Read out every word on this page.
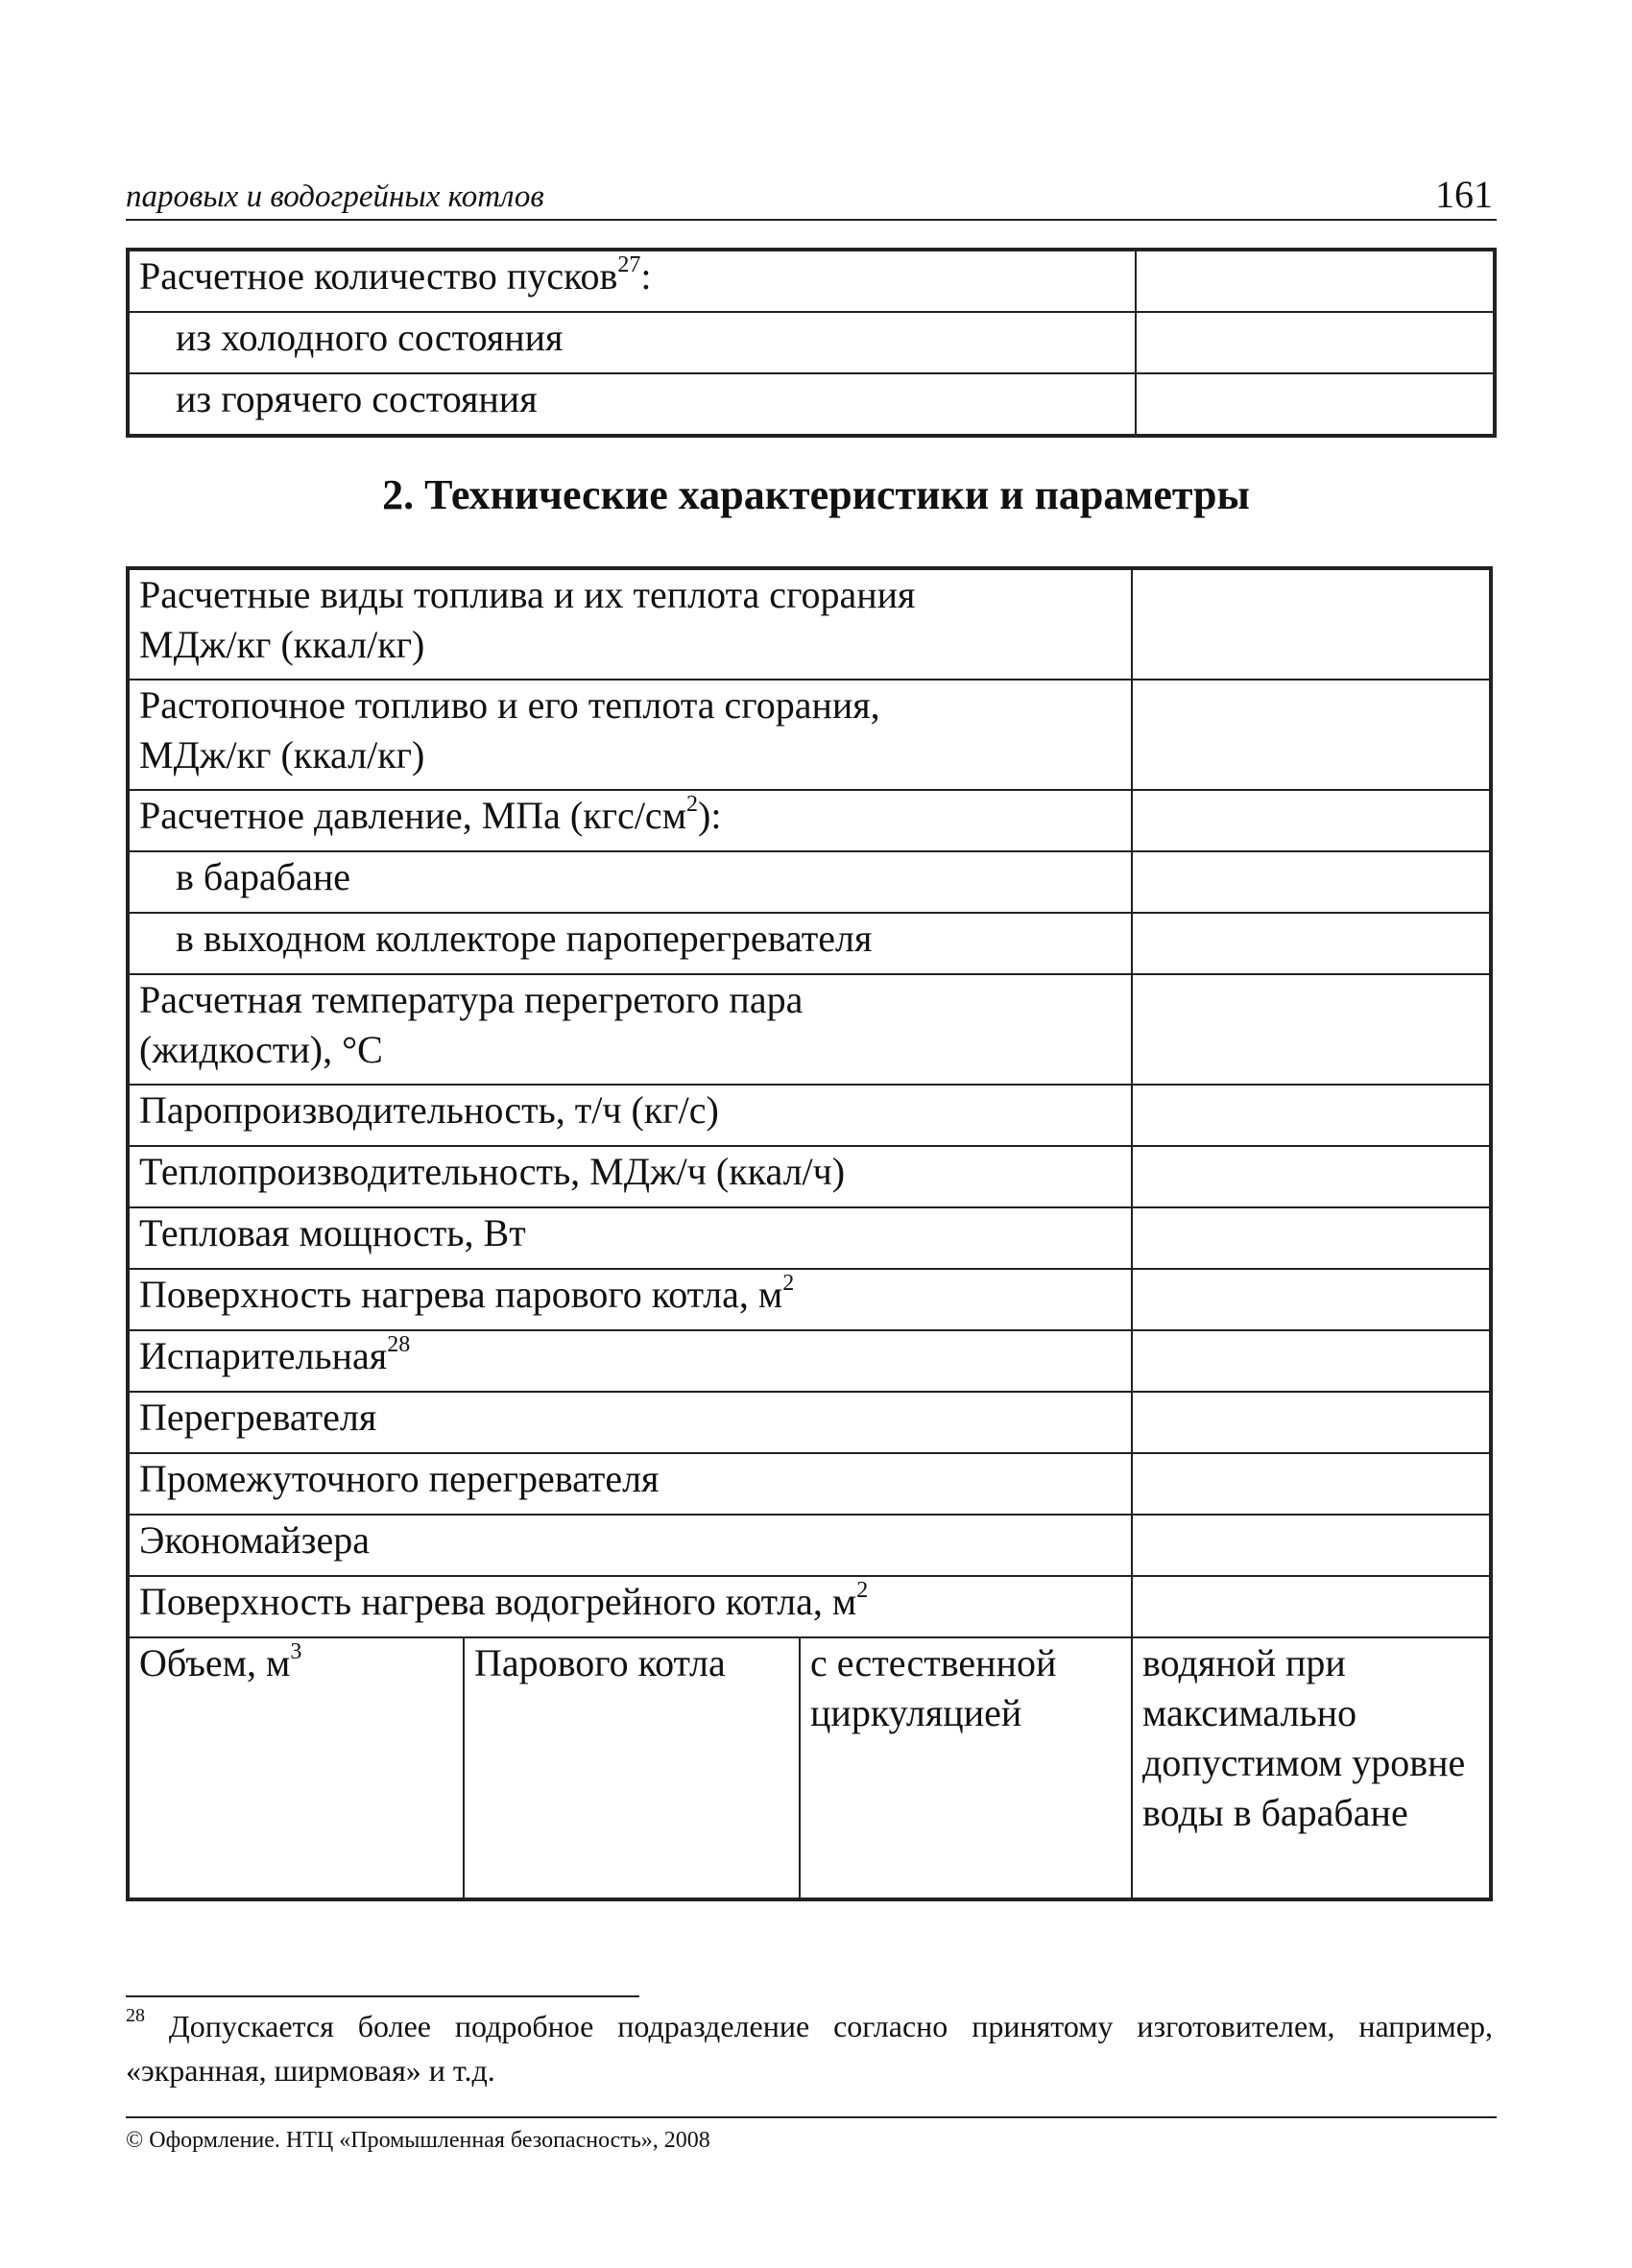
паровых и водогрейных котлов	161
Расчетное количество пусков$^{27}$:	
из холодного состояния	
из горячего состояния	
2. Технические характеристики и параметры
Расчетные виды топлива и их теплота сгорания
МДж/кг (ккал/кг)			
Растопочное топливо и его теплота сгорания,
МДж/кг (ккал/кг)			
Расчетное давление, МПа $(кгс/см^2)$:			
в барабане			
в выходном коллекторе пароперегревателя			
Расчетная температура перегретого пара
(жидкости), °С			
Паропроизводительность, т/ч (кг/с)			
Теплопроизводительность, МДж/ч (ккал/ч)			
Тепловая мощность, Вт			
Поверхность нагрева парового котла, $м^2$	
Испарительная$^{28}$	
Перегревателя			
Промежуточного перегревателя			
Экономайзера			
Поверхность нагрева водогрейного котла, $м^2$	
Объем, $м^3$	Парового котла	с естественной циркуляцией	водяной при максимально допустимом уровне воды в барабане
$^{28}$ Допускается более подробное подразделение согласно принятому изготовителем, например, «экранная, ширмовая» и т.д.
© Оформление. НТЦ «Промышленная безопасность», 2008
